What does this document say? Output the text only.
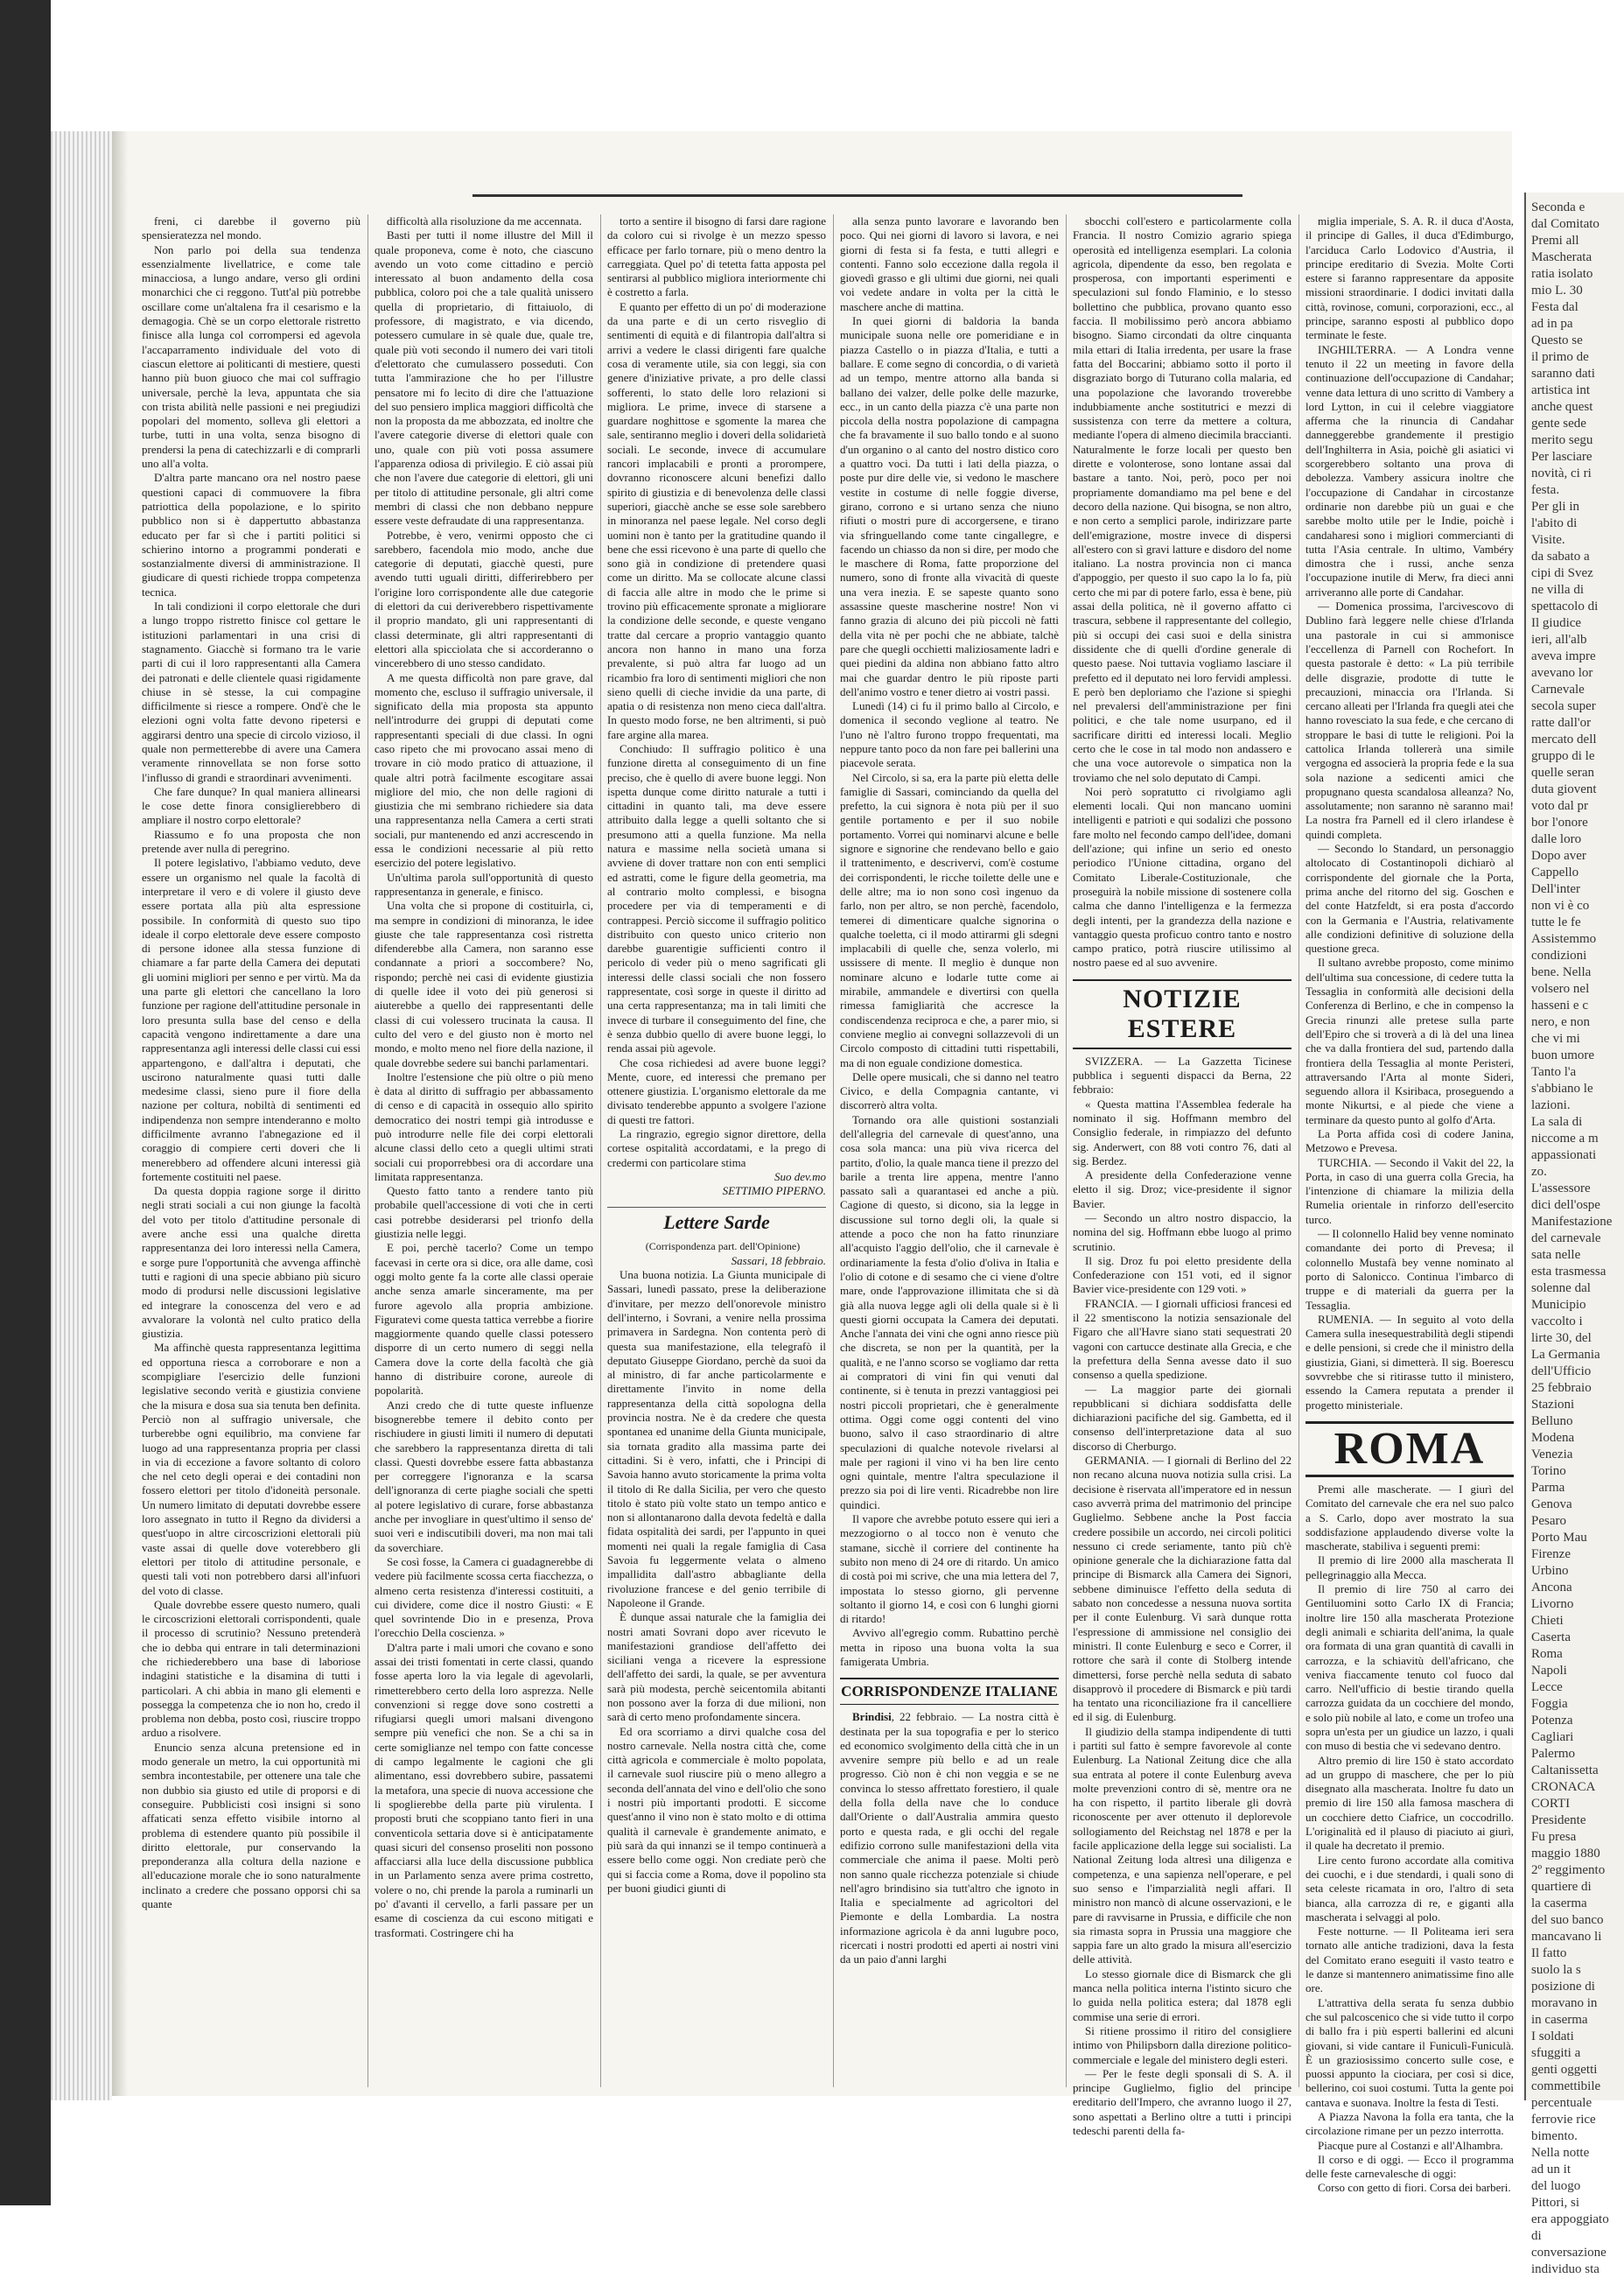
freni, ci darebbe il governo più spensieratezza nel mondo.

Non parlo poi della sua tendenza essenzialmente livellatrice, e come tale minacciosa, a lungo andare, verso gli ordini monarchici che ci reggono. Tutt'al più potrebbe oscillare come un'altalena fra il cesarismo e la demagogia. Chè se un corpo elettorale ristretto finisce alla lunga col corrompersi ed agevola l'accaparramento individuale del voto di ciascun elettore ai politicanti di mestiere, questi hanno più buon giuoco che mai col suffragio universale, perchè la leva, appuntata che sia con trista abilità nelle passioni e nei pregiudizi popolari del momento, solleva gli elettori a turbe, tutti in una volta, senza bisogno di prendersi la pena di catechizzarli e di comprarli uno all'a volta.

D'altra parte mancano ora nel nostro paese questioni capaci di commuovere la fibra patriottica della popolazione, e lo spirito pubblico non si è dappertutto abbastanza educato per far sì che i partiti politici si schierino intorno a programmi ponderati e sostanzialmente diversi di amministrazione. Il giudicare di questi richiede troppa competenza tecnica.

In tali condizioni il corpo elettorale che duri a lungo troppo ristretto finisce col gettare le istituzioni parlamentari in una crisi di stagnamento. Giacchè si formano tra le varie parti di cui il loro rappresentanti alla Camera dei patronati e delle clientele quasi rigidamente chiuse in sè stesse, la cui compagine difficilmente si riesce a rompere. Ond'è che le elezioni ogni volta fatte devono ripetersi e aggirarsi dentro una specie di circolo vizioso, il quale non permetterebbe di avere una Camera veramente rinnovellata se non forse sotto l'influsso di grandi e straordinari avvenimenti.

Che fare dunque? In qual maniera allinearsi le cose dette finora consiglierebbero di ampliare il nostro corpo elettorale?

Riassumo e fo una proposta che non pretende aver nulla di peregrino.

Il potere legislativo, l'abbiamo veduto, deve essere un organismo nel quale la facoltà di interpretare il vero e di volere il giusto deve essere portata alla più alta espressione possibile. In conformità di questo suo tipo ideale il corpo elettorale deve essere composto di persone idonee alla stessa funzione di chiamare a far parte della Camera dei deputati gli uomini migliori per senno e per virtù. Ma da una parte gli elettori che cancellano la loro funzione per ragione dell'attitudine personale in loro presunta sulla base del censo e della capacità vengono indirettamente a dare una rappresentanza agli interessi delle classi cui essi appartengono, e dall'altra i deputati, che uscirono naturalmente quasi tutti dalle medesime classi, sieno pure il fiore della nazione per coltura, nobiltà di sentimenti ed indipendenza non sempre intenderanno e molto difficilmente avranno l'abnegazione ed il coraggio di compiere certi doveri che li menerebbero ad offendere alcuni interessi già fortemente costituiti nel paese.

Da questa doppia ragione sorge il diritto negli strati sociali a cui non giunge la facoltà del voto per titolo d'attitudine personale di avere anche essi una qualche diretta rappresentanza dei loro interessi nella Camera, e sorge pure l'opportunità che avvenga affinchè tutti e ragioni di una specie abbiano più sicuro modo di prodursi nelle discussioni legislative ed integrare la conoscenza del vero e ad avvalorare la volontà nel culto pratico della giustizia.

Ma affinchè questa rappresentanza legittima ed opportuna riesca a corroborare e non a scompigliare l'esercizio delle funzioni legislative secondo verità e giustizia conviene che la misura e dosa sua sia tenuta ben definita. Perciò non al suffragio universale, che turberebbe ogni equilibrio, ma conviene far luogo ad una rappresentanza propria per classi in via di eccezione a favore soltanto di coloro che nel ceto degli operai e dei contadini non fossero elettori per titolo d'idoneità personale. Un numero limitato di deputati dovrebbe essere loro assegnato in tutto il Regno da dividersi a quest'uopo in altre circoscrizioni elettorali più vaste assai di quelle dove voterebbero gli elettori per titolo di attitudine personale, e questi tali voti non potrebbero darsi all'infuori del voto di classe.

Quale dovrebbe essere questo numero, quali le circoscrizioni elettorali corrispondenti, quale il processo di scrutinio? Nessuno pretenderà che io debba qui entrare in tali determinazioni che richiederebbero una base di laboriose indagini statistiche e la disamina di tutti i particolari. A chi abbia in mano gli elementi e possegga la competenza che io non ho, credo il problema non debba, posto così, riuscire troppo arduo a risolvere.

Enuncio senza alcuna pretensione ed in modo generale un metro, la cui opportunità mi sembra incontestabile, per ottenere una tale che non dubbio sia giusto ed utile di proporsi e di conseguire. Pubblicisti così insigni si sono affaticati senza effetto visibile intorno al problema di estendere quanto più possibile il diritto elettorale, pur conservando la preponderanza alla coltura della nazione e all'educazione morale che io sono naturalmente inclinato a credere che possano opporsi chi sa quante

difficoltà alla risoluzione da me accennata.

Basti per tutti il nome illustre del Mill il quale proponeva, come è noto, che ciascuno avendo un voto come cittadino e perciò interessato al buon andamento della cosa pubblica, coloro poi che a tale qualità unissero quella di proprietario, di fittaiuolo, di professore, di magistrato, e via dicendo, potessero cumulare in sè quale due, quale tre, quale più voti secondo il numero dei vari titoli d'elettorato che cumulassero posseduti. Con tutta l'ammirazione che ho per l'illustre pensatore mi fo lecito di dire che l'attuazione del suo pensiero implica maggiori difficoltà che non la proposta da me abbozzata, ed inoltre che l'avere categorie diverse di elettori quale con uno, quale con più voti possa assumere l'apparenza odiosa di privilegio. E ciò assai più che non l'avere due categorie di elettori, gli uni per titolo di attitudine personale, gli altri come membri di classi che non debbano neppure essere veste defraudate di una rappresentanza.

Potrebbe, è vero, venirmi opposto che ci sarebbero, facendola mio modo, anche due categorie di deputati, giacchè questi, pure avendo tutti uguali diritti, differirebbero per l'origine loro corrispondente alle due categorie di elettori da cui deriverebbero rispettivamente il proprio mandato, gli uni rappresentanti di classi determinate, gli altri rappresentanti di elettori alla spicciolata che si accorderanno o vincerebbero di uno stesso candidato.

A me questa difficoltà non pare grave, dal momento che, escluso il suffragio universale, il significato della mia proposta sta appunto nell'introdurre dei gruppi di deputati come rappresentanti speciali di due classi. In ogni caso ripeto che mi provocano assai meno di trovare in ciò modo pratico di attuazione, il quale altri potrà facilmente escogitare assai migliore del mio, che non delle ragioni di giustizia che mi sembrano richiedere sia data una rappresentanza nella Camera a certi strati sociali, pur mantenendo ed anzi accrescendo in essa le condizioni necessarie al più retto esercizio del potere legislativo.

Un'ultima parola sull'opportunità di questo rappresentanza in generale, e finisco.

Una volta che si propone di costituirla, ci, ma sempre in condizioni di minoranza, le idee giuste che tale rappresentanza così ristretta difenderebbe alla Camera, non saranno esse condannate a priori a soccombere? No, rispondo; perchè nei casi di evidente giustizia di quelle idee il voto dei più generosi si aiuterebbe a quello dei rappresentanti delle classi di cui volessero trucinata la causa. Il culto del vero e del giusto non è morto nel mondo, e molto meno nel fiore della nazione, il quale dovrebbe sedere sui banchi parlamentari.

Inoltre l'estensione che più oltre o più meno è data al diritto di suffragio per abbassamento di censo e di capacità in ossequio allo spirito democratico dei nostri tempi già introdusse e può introdurre nelle file dei corpi elettorali alcune classi dello ceto a quegli ultimi strati sociali cui proporrebbesi ora di accordare una limitata rappresentanza.

Questo fatto tanto a rendere tanto più probabile quell'accessione di voti che in certi casi potrebbe desiderarsi pel trionfo della giustizia nelle leggi.

E poi, perchè tacerlo? Come un tempo facevasi in certe ora si dice, ora alle dame, così oggi molto gente fa la corte alle classi operaie anche senza amarle sinceramente, ma per furore agevolo alla propria ambizione. Figuratevi come questa tattica verrebbe a fiorire maggiormente quando quelle classi potessero disporre di un certo numero di seggi nella Camera dove la corte della facoltà che già hanno di distribuire corone, aureole di popolarità.

Anzi credo che di tutte queste influenze bisognerebbe temere il debito conto per rischiudere in giusti limiti il numero di deputati che sarebbero la rappresentanza diretta di tali classi. Questi dovrebbe essere fatta abbastanza per correggere l'ignoranza e la scarsa dell'ignoranza di certe piaghe sociali che spetti al potere legislativo di curare, forse abbastanza anche per invogliare in quest'ultimo il senso de' suoi veri e indiscutibili doveri, ma non mai tali da soverchiare.

Se così fosse, la Camera ci guadagnerebbe di vedere più facilmente scossa certa fiacchezza, o almeno certa resistenza d'interessi costituiti, a cui dividere, come dice il nostro Giusti: « E quel sovrintende Dio in e presenza, Prova l'orecchio Della coscienza. »

D'altra parte i mali umori che covano e sono assai dei tristi fomentati in certe classi, quando fosse aperta loro la via legale di agevolarli, rimetterebbero certo della loro asprezza. Nelle convenzioni si regge dove sono costretti a rifugiarsi quegli umori malsani divengono sempre più venefici che non. Se a chi sa in certe somiglianze nel tempo con fatte concesse di campo legalmente le cagioni che gli alimentano, essi dovrebbero subire, passatemi la metafora, una specie di nuova accessione che li spoglierebbe della parte più virulenta. I proposti bruti che scoppiano tanto fieri in una conventicola settaria dove si è anticipatamente quasi sicuri del consenso proseliti non possono affacciarsi alla luce della discussione pubblica in un Parlamento senza avere prima costretto, volere o no, chi prende la parola a ruminarli un po' d'avanti il cervello, a farli passare per un esame di coscienza da cui escono mitigati e trasformati. Costringere chi ha

torto a sentire il bisogno di farsi dare ragione da coloro cui si rivolge è un mezzo spesso efficace per farlo tornare, più o meno dentro la carreggiata. Quel po' di tetetta fatta apposta pel sentirarsi al pubblico migliora interiormente chi è costretto a farla.

E quanto per effetto di un po' di moderazione da una parte e di un certo risveglio di sentimenti di equità e di filantropia dall'altra si arrivi a vedere le classi dirigenti fare qualche cosa di veramente utile, sia con leggi, sia con genere d'iniziative private, a pro delle classi sofferenti, lo stato delle loro relazioni si migliora. Le prime, invece di starsene a guardare noghittose e sgomente la marea che sale, sentiranno meglio i doveri della solidarietà sociali. Le seconde, invece di accumulare rancori implacabili e pronti a prorompere, dovranno riconoscere alcuni benefizi dallo spirito di giustizia e di benevolenza delle classi superiori, giacchè anche se esse sole sarebbero in minoranza nel paese legale. Nel corso degli uomini non è tanto per la gratitudine quando il bene che essi ricevono è una parte di quello che sono già in condizione di pretendere quasi come un diritto. Ma se collocate alcune classi di faccia alle altre in modo che le prime si trovino più efficacemente spronate a migliorare la condizione delle seconde, e queste vengano tratte dal cercare a proprio vantaggio quanto ancora non hanno in mano una forza prevalente, si può altra far luogo ad un ricambio fra loro di sentimenti migliori che non sieno quelli di cieche invidie da una parte, di apatia o di resistenza non meno cieca dall'altra. In questo modo forse, ne ben altrimenti, si può fare argine alla marea.

Conchiudo: Il suffragio politico è una funzione diretta al conseguimento di un fine preciso, che è quello di avere buone leggi. Non ispetta dunque come diritto naturale a tutti i cittadini in quanto tali, ma deve essere attribuito dalla legge a quelli soltanto che si presumono atti a quella funzione. Ma nella natura e massime nella società umana si avviene di dover trattare non con enti semplici ed astratti, come le figure della geometria, ma al contrario molto complessi, e bisogna procedere per via di temperamenti e di contrappesi. Perciò siccome il suffragio politico distribuito con questo unico criterio non darebbe guarentigie sufficienti contro il pericolo di veder più o meno sagrificati gli interessi delle classi sociali che non fossero rappresentate, così sorge in queste il diritto ad una certa rappresentanza; ma in tali limiti che invece di turbare il conseguimento del fine, che è senza dubbio quello di avere buone leggi, lo renda assai più agevole.

Che cosa richiedesi ad avere buone leggi? Mente, cuore, ed interessi che premano per ottenere giustizia. L'organismo elettorale da me divisato tenderebbe appunto a svolgere l'azione di questi tre fattori.

La ringrazio, egregio signor direttore, della cortese ospitalità accordatami, e la prego di credermi con particolare stima

Suo dev.mo

SETTIMIO PIPERNO.

Lettere Sarde

(Corrispondenza part. dell'Opinione)

Sassari, 18 febbraio.

Una buona notizia. La Giunta municipale di Sassari, lunedì passato, prese la deliberazione d'invitare, per mezzo dell'onorevole ministro dell'interno, i Sovrani, a venire nella prossima primavera in Sardegna. Non contenta però di questa sua manifestazione, ella telegrafò il deputato Giuseppe Giordano, perchè da suoi da al ministro, di far anche particolarmente e direttamente l'invito in nome della rappresentanza della città sopologna della provincia nostra. Ne è da credere che questa spontanea ed unanime della Giunta municipale, sia tornata gradito alla massima parte dei cittadini. Si è vero, infatti, che i Principi di Savoia hanno avuto storicamente la prima volta il titolo di Re dalla Sicilia, per vero che questo titolo è stato più volte stato un tempo antico e non si allontanarono dalla devota fedeltà e dalla fidata ospitalità dei sardi, per l'appunto in quei momenti nei quali la regale famiglia di Casa Savoia fu leggermente velata o almeno impallidita dall'astro abbagliante della rivoluzione francese e del genio terribile di Napoleone il Grande.

È dunque assai naturale che la famiglia dei nostri amati Sovrani dopo aver ricevuto le manifestazioni grandiose dell'affetto dei siciliani venga a ricevere la espressione dell'affetto dei sardi, la quale, se per avventura sarà più modesta, perchè seicentomila abitanti non possono aver la forza di due milioni, non sarà di certo meno profondamente sincera.

Ed ora scorriamo a dirvi qualche cosa del nostro carnevale. Nella nostra città che, come città agricola e commerciale è molto popolata, il carnevale suol riuscire più o meno allegro a seconda dell'annata del vino e dell'olio che sono i nostri più importanti prodotti. E siccome quest'anno il vino non è stato molto e di ottima qualità il carnevale è grandemente animato, e più sarà da qui innanzi se il tempo continuerà a essere bello come oggi. Non crediate però che qui si faccia come a Roma, dove il popolino sta per buoni giudici giunti di

alla senza punto lavorare e lavorando ben poco. Qui nei giorni di lavoro si lavora, e nei giorni di festa si fa festa, e tutti allegri e contenti. Fanno solo eccezione dalla regola il giovedì grasso e gli ultimi due giorni, nei quali voi vedete andare in volta per la città le maschere anche di mattina.

In quei giorni di baldoria la banda municipale suona nelle ore pomeridiane e in piazza Castello o in piazza d'Italia, e tutti a ballare. E come segno di concordia, o di varietà ad un tempo, mentre attorno alla banda si ballano dei valzer, delle polke delle mazurke, ecc., in un canto della piazza c'è una parte non piccola della nostra popolazione di campagna che fa bravamente il suo ballo tondo e al suono d'un organino o al canto del nostro distico coro a quattro voci. Da tutti i lati della piazza, o poste pur dire delle vie, si vedono le maschere vestite in costume di nelle foggie diverse, girano, corrono e si urtano senza che niuno rifiuti o mostri pure di accorgersene, e tirano via sfringuellando come tante cingallegre, e facendo un chiasso da non si dire, per modo che le maschere di Roma, fatte proporzione del numero, sono di fronte alla vivacità di queste una vera inezia. E se sapeste quanto sono assassine queste mascherine nostre! Non vi fanno grazia di alcuno dei più piccoli nè fatti della vita nè per pochi che ne abbiate, talchè pare che quegli occhietti maliziosamente ladri e quei piedini da aldina non abbiano fatto altro mai che guardar dentro le più riposte parti dell'animo vostro e tener dietro ai vostri passi.

Lunedì (14) ci fu il primo ballo al Circolo, e domenica il secondo veglione al teatro. Ne l'uno nè l'altro furono troppo frequentati, ma neppure tanto poco da non fare pei ballerini una piacevole serata.

Nel Circolo, si sa, era la parte più eletta delle famiglie di Sassari, cominciando da quella del prefetto, la cui signora è nota più per il suo gentile portamento e per il suo nobile portamento. Vorrei qui nominarvi alcune e belle signore e signorine che rendevano bello e gaio il trattenimento, e descrivervi, com'è costume dei corrispondenti, le ricche toilette delle une e delle altre; ma io non sono così ingenuo da farlo, non per altro, se non perchè, facendolo, temerei di dimenticare qualche signorina o qualche toeletta, ci il modo attirarmi gli sdegni implacabili di quelle che, senza volerlo, mi ussissere di mente. Il meglio è dunque non nominare alcuno e lodarle tutte come ai mirabile, ammandele e divertirsi con quella rimessa famigliarità che accresce la condiscendenza reciproca e che, a parer mio, si conviene meglio ai convegni sollazzevoli di un Circolo composto di cittadini tutti rispettabili, ma di non eguale condizione domestica.

Delle opere musicali, che si danno nel teatro Civico, e della Compagnia cantante, vi discorrerò altra volta.

Tornando ora alle quistioni sostanziali dell'allegria del carnevale di quest'anno, una cosa sola manca: una più viva ricerca del partito, d'olio, la quale manca tiene il prezzo del barile a trenta lire appena, mentre l'anno passato salì a quarantasei ed anche a più. Cagione di questo, si dicono, sia la legge in discussione sul torno degli oli, la quale si attende a poco che non ha fatto rinunziare all'acquisto l'aggio dell'olio, che il carnevale è ordinariamente la festa d'olio d'oliva in Italia e l'olio di cotone e di sesamo che ci viene d'oltre mare, onde l'approvazione illimitata che si dà già alla nuova legge agli oli della quale si è lì questi giorni occupata la Camera dei deputati. Anche l'annata dei vini che ogni anno riesce più che discreta, se non per la quantità, per la qualità, e ne l'anno scorso se vogliamo dar retta ai compratori di vini fin qui venuti dal continente, si è tenuta in prezzi vantaggiosi pei nostri piccoli proprietari, che è generalmente ottima. Oggi come oggi contenti del vino buono, salvo il caso straordinario di altre speculazioni di qualche notevole rivelarsi al male per ragioni il vino vi ha ben lire cento ogni quintale, mentre l'altra speculazione il prezzo sia poi di lire venti. Ricadrebbe non lire quindici.

Il vapore che avrebbe potuto essere qui ieri a mezzogiorno o al tocco non è venuto che stamane, sicchè il corriere del continente ha subito non meno di 24 ore di ritardo. Un amico di costà poi mi scrive, che una mia lettera del 7, impostata lo stesso giorno, gli pervenne soltanto il giorno 14, e così con 6 lunghi giorni di ritardo!

Avvivo all'egregio comm. Rubattino perchè metta in riposo una buona volta la sua famigerata Umbria.

CORRISPONDENZE ITALIANE

Brindisi, 22 febbraio. — La nostra città è destinata per la sua topografia e per lo sterico ed economico svolgimento della città che in un avvenire sempre più bello e ad un reale progresso. Ciò non è chi non veggia e se ne convinca lo stesso affrettato forestiero, il quale della folla della nave che lo conduce dall'Oriente o dall'Australia ammira questo porto e questa rada, e gli occhi del regale edifizio corrono sulle manifestazioni della vita commerciale che anima il paese. Molti però non sanno quale ricchezza potenziale si chiude nell'agro brindisino sia tutt'altro che ignoto in Italia e specialmente ad agricoltori del Piemonte e della Lombardia. La nostra informazione agricola è da anni lugubre poco, ricercati i nostri prodotti ed aperti ai nostri vini da un paio d'anni larghi

sbocchi coll'estero e particolarmente colla Francia. Il nostro Comizio agrario spiega operosità ed intelligenza esemplari. La colonia agricola, dipendente da esso, ben regolata e prosperosa, con importanti esperimenti e speculazioni sul fondo Flaminio, e lo stesso bollettino che pubblica, provano quanto esso faccia. Il mobilissimo però ancora abbiamo bisogno. Siamo circondati da oltre cinquanta mila ettari di Italia irredenta, per usare la frase fatta del Boccarini; abbiamo sotto il porto il disgraziato borgo di Tuturano colla malaria, ed una popolazione che lavorando troverebbe indubbiamente anche sostitutrici e mezzi di sussistenza con terre da mettere a coltura, mediante l'opera di almeno diecimila braccianti. Naturalmente le forze locali per questo ben dirette e volonterose, sono lontane assai dal bastare a tanto. Noi, però, poco per noi propriamente domandiamo ma pel bene e del decoro della nazione. Qui bisogna, se non altro, e non certo a semplici parole, indirizzare parte dell'emigrazione, mostre invece di dispersi all'estero con sì gravi latture e disdoro del nome italiano. La nostra provincia non ci manca d'appoggio, per questo il suo capo la lo fa, più certo che mi par di potere farlo, essa è bene, più assai della politica, nè il governo affatto ci trascura, sebbene il rappresentante del collegio, più si occupi dei casi suoi e della sinistra dissidente che di quelli d'ordine generale di questo paese. Noi tuttavia vogliamo lasciare il prefetto ed il deputato nei loro fervidi amplessi. E però ben deploriamo che l'azione si spieghi nel prevalersi dell'amministrazione per fini politici, e che tale nome usurpano, ed il sacrificare diritti ed interessi locali. Meglio certo che le cose in tal modo non andassero e che una voce autorevole o simpatica non la troviamo che nel solo deputato di Campi.

Noi però sopratutto ci rivolgiamo agli elementi locali. Qui non mancano uomini intelligenti e patrioti e qui sodalizi che possono fare molto nel fecondo campo dell'idee, domani dell'azione; qui infine un serio ed onesto periodico l'Unione cittadina, organo del Comitato Liberale-Costituzionale, che proseguirà la nobile missione di sostenere colla calma che danno l'intelligenza e la fermezza degli intenti, per la grandezza della nazione e vantaggio questa proficuo contro tanto e nostro campo pratico, potrà riuscire utilissimo al nostro paese ed al suo avvenire.

NOTIZIE ESTERE

SVIZZERA. — La Gazzetta Ticinese pubblica i seguenti dispacci da Berna, 22 febbraio:

« Questa mattina l'Assemblea federale ha nominato il sig. Hoffmann membro del Consiglio federale, in rimpiazzo del defunto sig. Anderwert, con 88 voti contro 76, dati al sig. Berdez.

A presidente della Confederazione venne eletto il sig. Droz; vice-presidente il signor Bavier.

— Secondo un altro nostro dispaccio, la nomina del sig. Hoffmann ebbe luogo al primo scrutinio.

Il sig. Droz fu poi eletto presidente della Confederazione con 151 voti, ed il signor Bavier vice-presidente con 129 voti. »

FRANCIA. — I giornali ufficiosi francesi ed il 22 smentiscono la notizia sensazionale del Figaro che all'Havre siano stati sequestrati 20 vagoni con cartucce destinate alla Grecia, e che la prefettura della Senna avesse dato il suo consenso a quella spedizione.

— La maggior parte dei giornali repubblicani si dichiara soddisfatta delle dichiarazioni pacifiche del sig. Gambetta, ed il consenso dell'interpretazione data al suo discorso di Cherburgo.

GERMANIA. — I giornali di Berlino del 22 non recano alcuna nuova notizia sulla crisi. La decisione è riservata all'imperatore ed in nessun caso avverrà prima del matrimonio del principe Guglielmo. Sebbene anche la Post faccia credere possibile un accordo, nei circoli politici nessuno ci crede seriamente, tanto più ch'è opinione generale che la dichiarazione fatta dal principe di Bismarck alla Camera dei Signori, sebbene diminuisce l'effetto della seduta di sabato non concedesse a nessuna nuova sortita per il conte Eulenburg. Vi sarà dunque rotta l'espressione di ammissione nel consiglio dei ministri. Il conte Eulenburg e seco e Correr, il rottore che sarà il conte di Stolberg intende dimettersi, forse perchè nella seduta di sabato disapprovò il procedere di Bismarck e più tardi ha tentato una riconciliazione fra il cancelliere ed il sig. di Eulenburg.

Il giudizio della stampa indipendente di tutti i partiti sul fatto è sempre favorevole al conte Eulenburg. La National Zeitung dice che alla sua entrata al potere il conte Eulenburg aveva molte prevenzioni contro di sè, mentre ora ne ha con rispetto, il partito liberale gli dovrà riconoscente per aver ottenuto il deplorevole sollogiamento del Reichstag nel 1878 e per la facile applicazione della legge sui socialisti. La National Zeitung loda altresì una diligenza e competenza, e una sapienza nell'operare, e pel suo senso e l'imparzialità negli affari. Il ministro non mancò di alcune osservazioni, e le pare di ravvisarne in Prussia, e difficile che non sia rimasta sopra in Prussia una maggiore che sappia fare un alto grado la misura all'esercizio delle attività.

Lo stesso giornale dice di Bismarck che gli manca nella politica interna l'istinto sicuro che lo guida nella politica estera; dal 1878 egli commise una serie di errori.

Si ritiene prossimo il ritiro del consigliere intimo von Philipsborn dalla direzione politico-commerciale e legale del ministero degli esteri.

— Per le feste degli sponsali di S. A. il principe Guglielmo, figlio del principe ereditario dell'Impero, che avranno luogo il 27, sono aspettati a Berlino oltre a tutti i principi tedeschi parenti della fa-

miglia imperiale, S. A. R. il duca d'Aosta, il principe di Galles, il duca d'Edimburgo, l'arciduca Carlo Lodovico d'Austria, il principe ereditario di Svezia. Molte Corti estere si faranno rappresentare da apposite missioni straordinarie. I dodici invitati dalla città, rovinose, comuni, corporazioni, ecc., al principe, saranno esposti al pubblico dopo terminate le feste.

INGHILTERRA. — A Londra venne tenuto il 22 un meeting in favore della continuazione dell'occupazione di Candahar; venne data lettura di uno scritto di Vambery a lord Lytton, in cui il celebre viaggiatore afferma che la rinuncia di Candahar danneggerebbe grandemente il prestigio dell'Inghilterra in Asia, poichè gli asiatici vi scorgerebbero soltanto una prova di debolezza. Vambery assicura inoltre che l'occupazione di Candahar in circostanze ordinarie non darebbe più un guai e che sarebbe molto utile per le Indie, poichè i candaharesi sono i migliori commercianti di tutta l'Asia centrale. In ultimo, Vambéry dimostra che i russi, anche senza l'occupazione inutile di Merw, fra dieci anni arriveranno alle porte di Candahar.

— Domenica prossima, l'arcivescovo di Dublino farà leggere nelle chiese d'Irlanda una pastorale in cui si ammonisce l'eccellenza di Parnell con Rochefort. In questa pastorale è detto: « La più terribile delle disgrazie, prodotte di tutte le precauzioni, minaccia ora l'Irlanda. Si cercano alleati per l'Irlanda fra quegli atei che hanno rovesciato la sua fede, e che cercano di stroppare le basi di tutte le religioni. Poi la cattolica Irlanda tollererà una simile vergogna ed associerà la propria fede e la sua sola nazione a sedicenti amici che propugnano questa scandalosa alleanza? No, assolutamente; non saranno nè saranno mai! La nostra fra Parnell ed il clero irlandese è quindi completa.

— Secondo lo Standard, un personaggio altolocato di Costantinopoli dichiarò al corrispondente del giornale che la Porta, prima anche del ritorno del sig. Goschen e del conte Hatzfeldt, si era posta d'accordo con la Germania e l'Austria, relativamente alle condizioni definitive di soluzione della questione greca.

Il sultano avrebbe proposto, come minimo dell'ultima sua concessione, di cedere tutta la Tessaglia in conformità alle decisioni della Conferenza di Berlino, e che in compenso la Grecia rinunzi alle pretese sulla parte dell'Epiro che si troverà a di là del una linea che va dalla frontiera del sud, partendo dalla frontiera della Tessaglia al monte Peristeri, attraversando l'Arta al monte Sideri, seguendo allora il Ksiribaca, proseguendo a monte Nikurtsi, e al piede che viene a terminare da questo punto al golfo d'Arta.

La Porta affida così di codere Janina, Metzowo e Prevesa.

TURCHIA. — Secondo il Vakit del 22, la Porta, in caso di una guerra colla Grecia, ha l'intenzione di chiamare la milizia della Rumelia orientale in rinforzo dell'esercito turco.

— Il colonnello Halid bey venne nominato comandante dei porto di Prevesa; il colonnello Mustafà bey venne nominato al porto di Salonicco. Continua l'imbarco di truppe e di materiali da guerra per la Tessaglia.

RUMENIA. — In seguito al voto della Camera sulla inesequestrabilità degli stipendi e delle pensioni, si crede che il ministro della giustizia, Giani, si dimetterà. Il sig. Boerescu sovvrebbe che si ritirasse tutto il ministero, essendo la Camera reputata a prender il progetto ministeriale.

ROMA

Premi alle mascherate. — I giurì del Comitato del carnevale che era nel suo palco a S. Carlo, dopo aver mostrato la sua soddisfazione applaudendo diverse volte la mascherate, stabiliva i seguenti premi:

Il premio di lire 2000 alla mascherata Il pellegrinaggio alla Mecca.

Il premio di lire 750 al carro dei Gentiluomini sotto Carlo IX di Francia; inoltre lire 150 alla mascherata Protezione degli animali e schiarita dell'anima, la quale ora formata di una gran quantità di cavalli in carrozza, e la schiavitù dell'africano, che veniva fiaccamente tenuto col fuoco dal carro. Nell'ufficio di bestie tirando quella carrozza guidata da un cocchiere del mondo, e solo più nobile al lato, e come un trofeo una sopra un'esta per un giudice un lazzo, i quali con muso di bestia che vi sedevano dentro.

Altro premio di lire 150 è stato accordato ad un gruppo di maschere, che per lo più disegnato alla mascherata. Inoltre fu dato un premio di lire 150 alla famosa maschera di un cocchiere detto Ciafrice, un coccodrillo. L'originalità ed il plauso di piaciuto ai giurì, il quale ha decretato il premio.

Lire cento furono accordate alla comitiva dei cuochi, e i due stendardi, i quali sono di seta celeste ricamata in oro, l'altro di seta bianca, alla carrozza di re, e giganti alla mascherata i selvaggi al polo.

Feste notturne. — Il Politeama ieri sera tornato alle antiche tradizioni, dava la festa del Comitato erano eseguiti il vasto teatro e le danze si mantennero animatissime fino alle ore.

L'attrattiva della serata fu senza dubbio che sul palcoscenico che si vide tutto il corpo di ballo fra i più esperti ballerini ed alcuni giovani, si vide cantare il Funiculì-Funiculà. È un graziosissimo concerto sulle cose, e puossi appunto la ciociara, per così si dice, bellerino, coi suoi costumi. Tutta la gente poi cantava e suonava. Inoltre la festa di Testi.

A Piazza Navona la folla era tanta, che la circolazione rimane per un pezzo interrotta.

Piacque pure al Costanzi e all'Alhambra.

Il corso e di oggi. — Ecco il programma delle feste carnevalesche di oggi:

Corso con getto di fiori. Corsa dei barberi.

Seconda e
dal Comitato
Premi all
Mascherata
ratia isolato
mio L. 30
Festa dal
ad in pa
Questo se
il primo de
saranno dati
artistica int
anche quest
gente sede
merito segu
Per lasciare
novità, ci ri
festa.
Per gli in
l'abito di
Visite.
da sabato a
cipi di Svez
ne villa di
spettacolo di
Il giudice
ieri, all'alb
aveva impre
avevano lor
Carnevale
secola super
ratte dall'or
mercato dell
gruppo di le
quelle seran
duta giovent
voto dal pr
bor l'onore
dalle loro
Dopo aver
Cappello
Dell'inter
non vi è co
tutte le fe
Assistemmo
condizioni
bene. Nella
volsero nel
hasseni e c
nero, e non
che vi mi
buon umore
Tanto l'a
s'abbiano le
lazioni.
La sala di
niccome a m
appassionati
zo.
L'assessore
dici dell'ospe
Manifestazione
del carnevale
sata nelle
esta trasmessa
solenne dal
Municipio
vaccolto i
lirte 30, del
La Germania
dell'Ufficio
25 febbraio
Stazioni
Belluno
Modena
Venezia
Torino
Parma
Genova
Pesaro
Porto Mau
Firenze
Urbino
Ancona
Livorno
Chieti
Caserta
Roma
Napoli
Lecce
Foggia
Potenza
Cagliari
Palermo
Caltanissetta
CRONACA
CORTI
Presidente
Fu presa
maggio 1880
2º reggimento
quartiere di
la caserma
del suo banco
mancavano li
Il fatto
suolo la s
posizione di
moravano in
in caserma
I soldati
sfuggiti a
genti oggetti
commettibile
percentuale
ferrovie rice
bimento.
Nella notte
ad un it
del luogo
Pittori, si
era appoggiato
di conversazione
individuo sta
